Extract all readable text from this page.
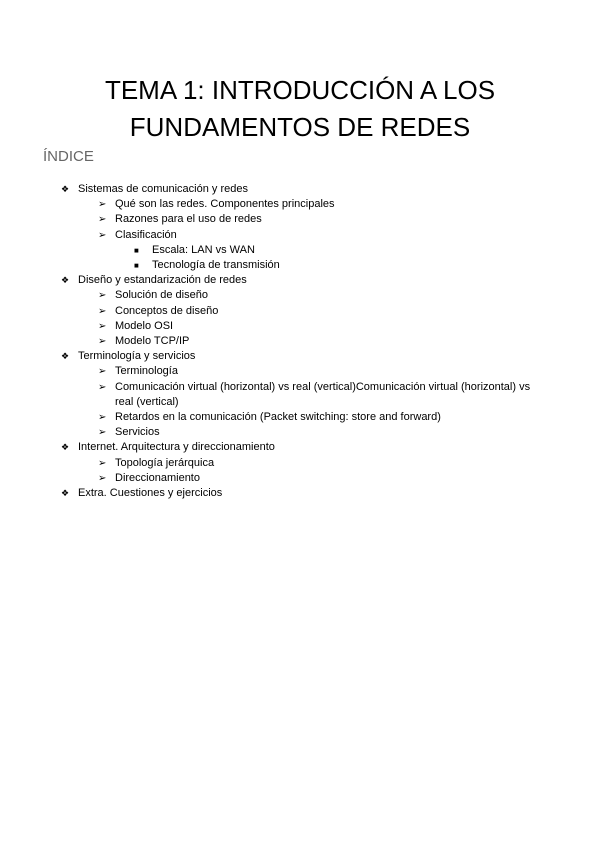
TEMA 1: INTRODUCCIÓN A LOS
FUNDAMENTOS DE REDES
ÍNDICE
❖ Sistemas de comunicación y redes
➢ Qué son las redes. Componentes principales
➢ Razones para el uso de redes
➢ Clasificación
■ Escala: LAN vs WAN
■ Tecnología de transmisión
❖ Diseño y estandarización de redes
➢ Solución de diseño
➢ Conceptos de diseño
➢ Modelo OSI
➢ Modelo TCP/IP
❖ Terminología y servicios
➢ Terminología
➢ Comunicación virtual (horizontal) vs real (vertical)Comunicación virtual (horizontal) vs real (vertical)
➢ Retardos en la comunicación (Packet switching: store and forward)
➢ Servicios
❖ Internet. Arquitectura y direccionamiento
➢ Topología jerárquica
➢ Direccionamiento
❖ Extra. Cuestiones y ejercicios
